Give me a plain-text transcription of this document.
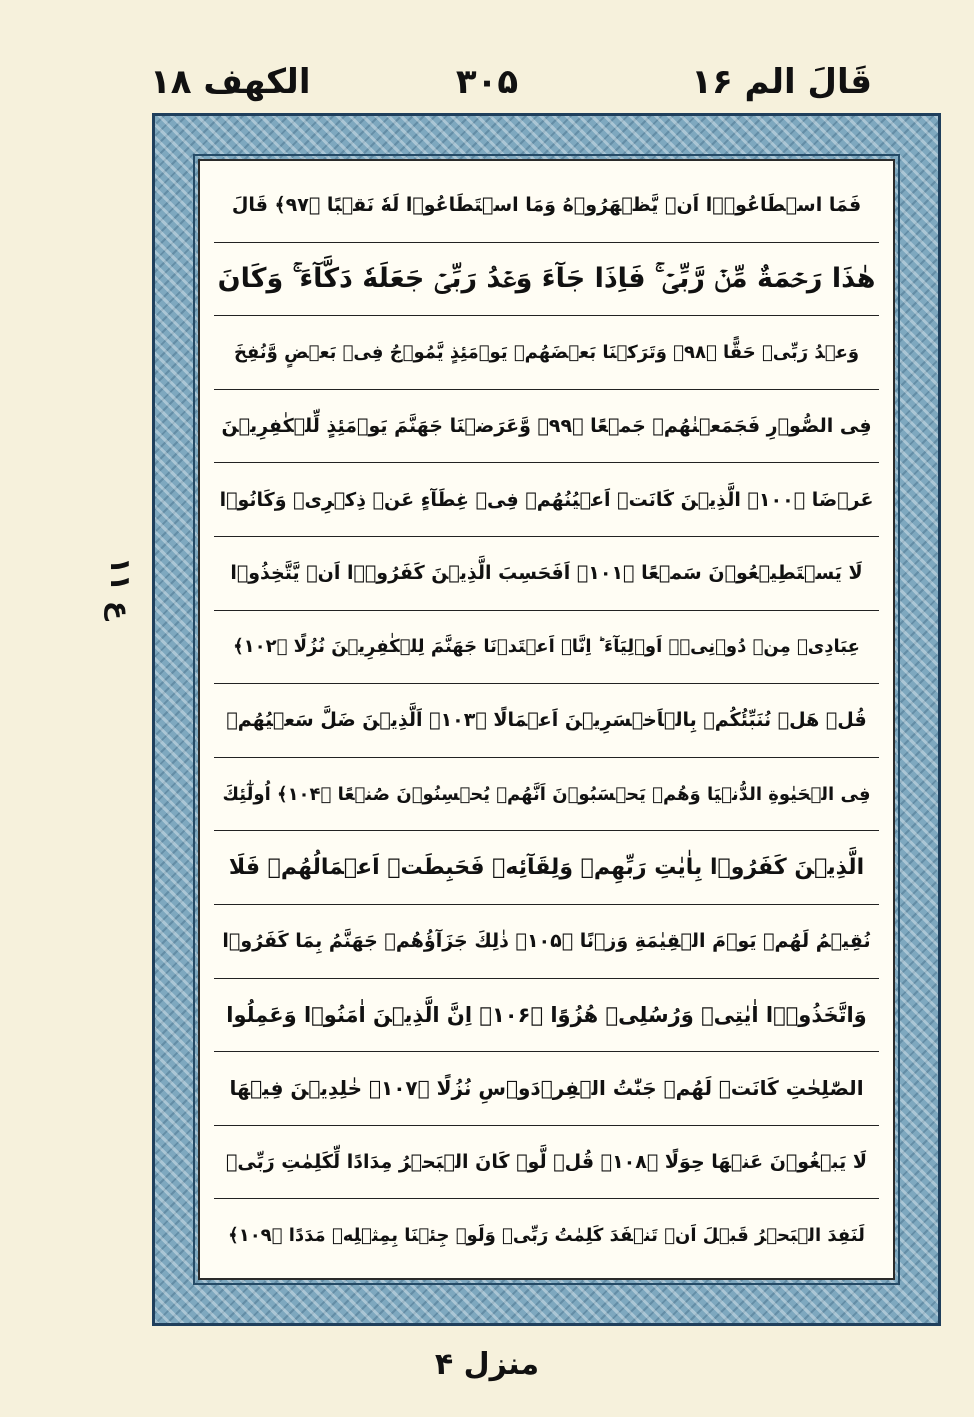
الکھف ۱۸	۳۰۵	قَالَ الم ۱۶
ع ۱۱
فَمَا اسۡطَاعُوۡۤا اَنۡ یَّظۡهَرُوۡهُ وَمَا اسۡتَطَاعُوۡا لَهٗ نَقۡبًا ﴿۹۷﴾ قَالَ
هٰذَا رَحۡمَةٌ مِّنۡ رَّبِّیۡ ۚ فَاِذَا جَآءَ وَعۡدُ رَبِّیۡ جَعَلَهٗ دَكَّآءَ ۚ وَكَانَ
وَعۡدُ رَبِّیۡ حَقًّا ﴿۹۸﴾ وَتَرَكۡنَا بَعۡضَهُمۡ یَوۡمَئِذٍ یَّمُوۡجُ فِیۡ بَعۡضٍ وَّنُفِخَ
فِی الصُّوۡرِ فَجَمَعۡنٰهُمۡ جَمۡعًا ﴿۹۹﴾ وَّعَرَضۡنَا جَهَنَّمَ یَوۡمَئِذٍ لِّلۡكٰفِرِیۡنَ
عَرۡضَا ﴿۱۰۰﴾ الَّذِیۡنَ كَانَتۡ اَعۡیُنُهُمۡ فِیۡ غِطَآءٍ عَنۡ ذِكۡرِیۡ وَكَانُوۡا
لَا یَسۡتَطِیۡعُوۡنَ سَمۡعًا ﴿۱۰۱﴾ اَفَحَسِبَ الَّذِیۡنَ كَفَرُوۡۤا اَنۡ یَّتَّخِذُوۡا
عِبَادِیۡ مِنۡ دُوۡنِیۡۤ اَوۡلِیَآءَ ؕ اِنَّاۤ اَعۡتَدۡنَا جَهَنَّمَ لِلۡكٰفِرِیۡنَ نُزُلًا ﴿۱۰۲﴾
قُلۡ هَلۡ نُنَبِّئُكُمۡ بِالۡاَخۡسَرِیۡنَ اَعۡمَالًا ﴿۱۰۳﴾ اَلَّذِیۡنَ ضَلَّ سَعۡیُهُمۡ
فِی الۡحَیٰوةِ الدُّنۡیَا وَهُمۡ یَحۡسَبُوۡنَ اَنَّهُمۡ یُحۡسِنُوۡنَ صُنۡعًا ﴿۱۰۴﴾ اُولٰٓئِكَ
الَّذِیۡنَ كَفَرُوۡا بِاٰیٰتِ رَبِّهِمۡ وَلِقَآئِهٖ فَحَبِطَتۡ اَعۡمَالُهُمۡ فَلَا
نُقِیۡمُ لَهُمۡ یَوۡمَ الۡقِیٰمَةِ وَزۡنًا ﴿۱۰۵﴾ ذٰلِكَ جَزَآؤُهُمۡ جَهَنَّمُ بِمَا كَفَرُوۡا
وَاتَّخَذُوۡۤا اٰیٰتِیۡ وَرُسُلِیۡ هُزُوًا ﴿۱۰۶﴾ اِنَّ الَّذِیۡنَ اٰمَنُوۡا وَعَمِلُوا
الصّٰلِحٰتِ كَانَتۡ لَهُمۡ جَنّٰتُ الۡفِرۡدَوۡسِ نُزُلًا ﴿۱۰۷﴾ خٰلِدِیۡنَ فِیۡهَا
لَا یَبۡغُوۡنَ عَنۡهَا حِوَلًا ﴿۱۰۸﴾ قُلۡ لَّوۡ كَانَ الۡبَحۡرُ مِدَادًا لِّكَلِمٰتِ رَبِّیۡ
لَنَفِدَ الۡبَحۡرُ قَبۡلَ اَنۡ تَنۡفَدَ كَلِمٰتُ رَبِّیۡ وَلَوۡ جِئۡنَا بِمِثۡلِهٖ مَدَدًا ﴿۱۰۹﴾
منزل ۴
